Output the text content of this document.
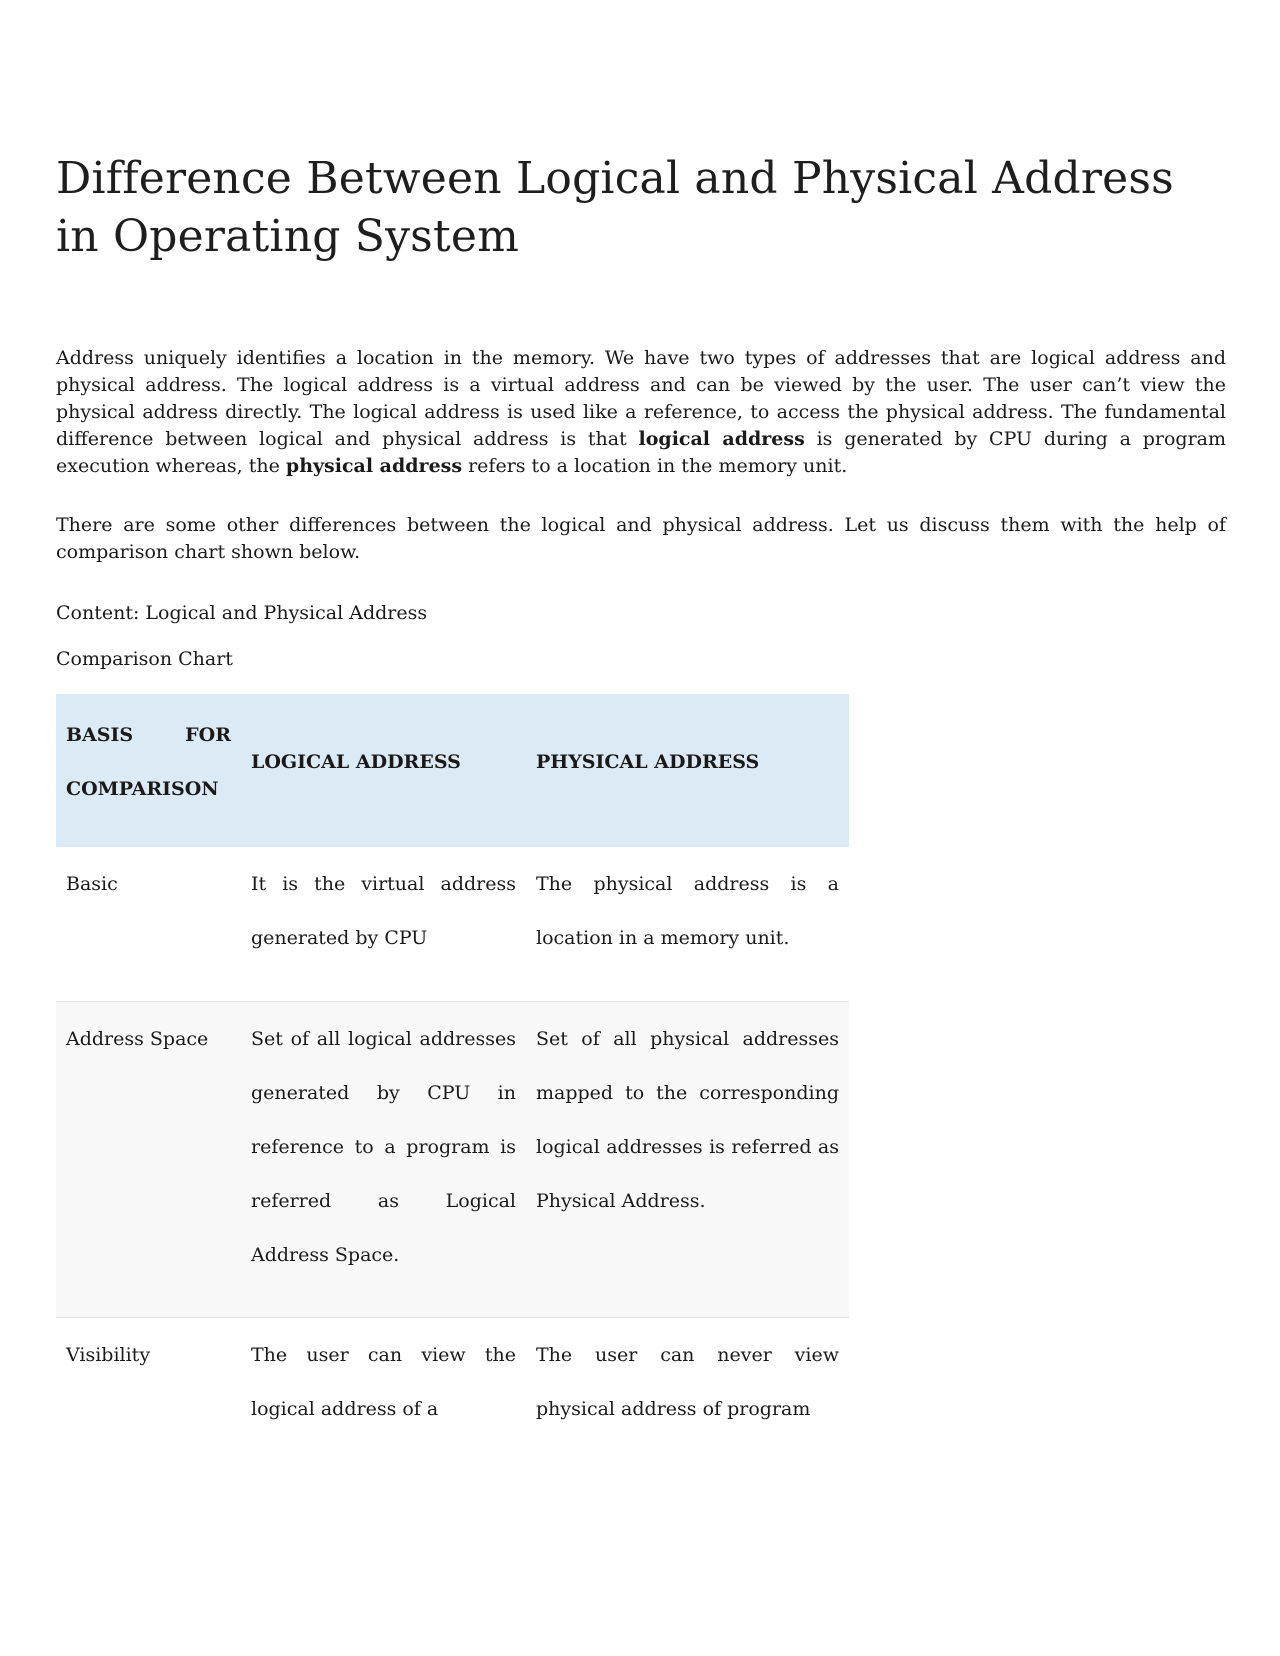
Difference Between Logical and Physical Address in Operating System

Address uniquely identifies a location in the memory. We have two types of addresses that are logical address and physical address. The logical address is a virtual address and can be viewed by the user. The user can’t view the physical address directly. The logical address is used like a reference, to access the physical address. The fundamental difference between logical and physical address is that logical address is generated by CPU during a program execution whereas, the physical address refers to a location in the memory unit.

There are some other differences between the logical and physical address. Let us discuss them with the help of comparison chart shown below.

Content: Logical and Physical Address

Comparison Chart

BASIS FOR
COMPARISON	LOGICAL ADDRESS	PHYSICAL ADDRESS
Basic	It is the virtual address generated by CPU	The physical address is a location in a memory unit.
Address Space	Set of all logical addresses generated by CPU in reference to a program is referred as Logical Address Space.	Set of all physical addresses mapped to the corresponding logical addresses is referred as Physical Address.
Visibility	The user can view the logical address of a	The user can never view physical address of program
